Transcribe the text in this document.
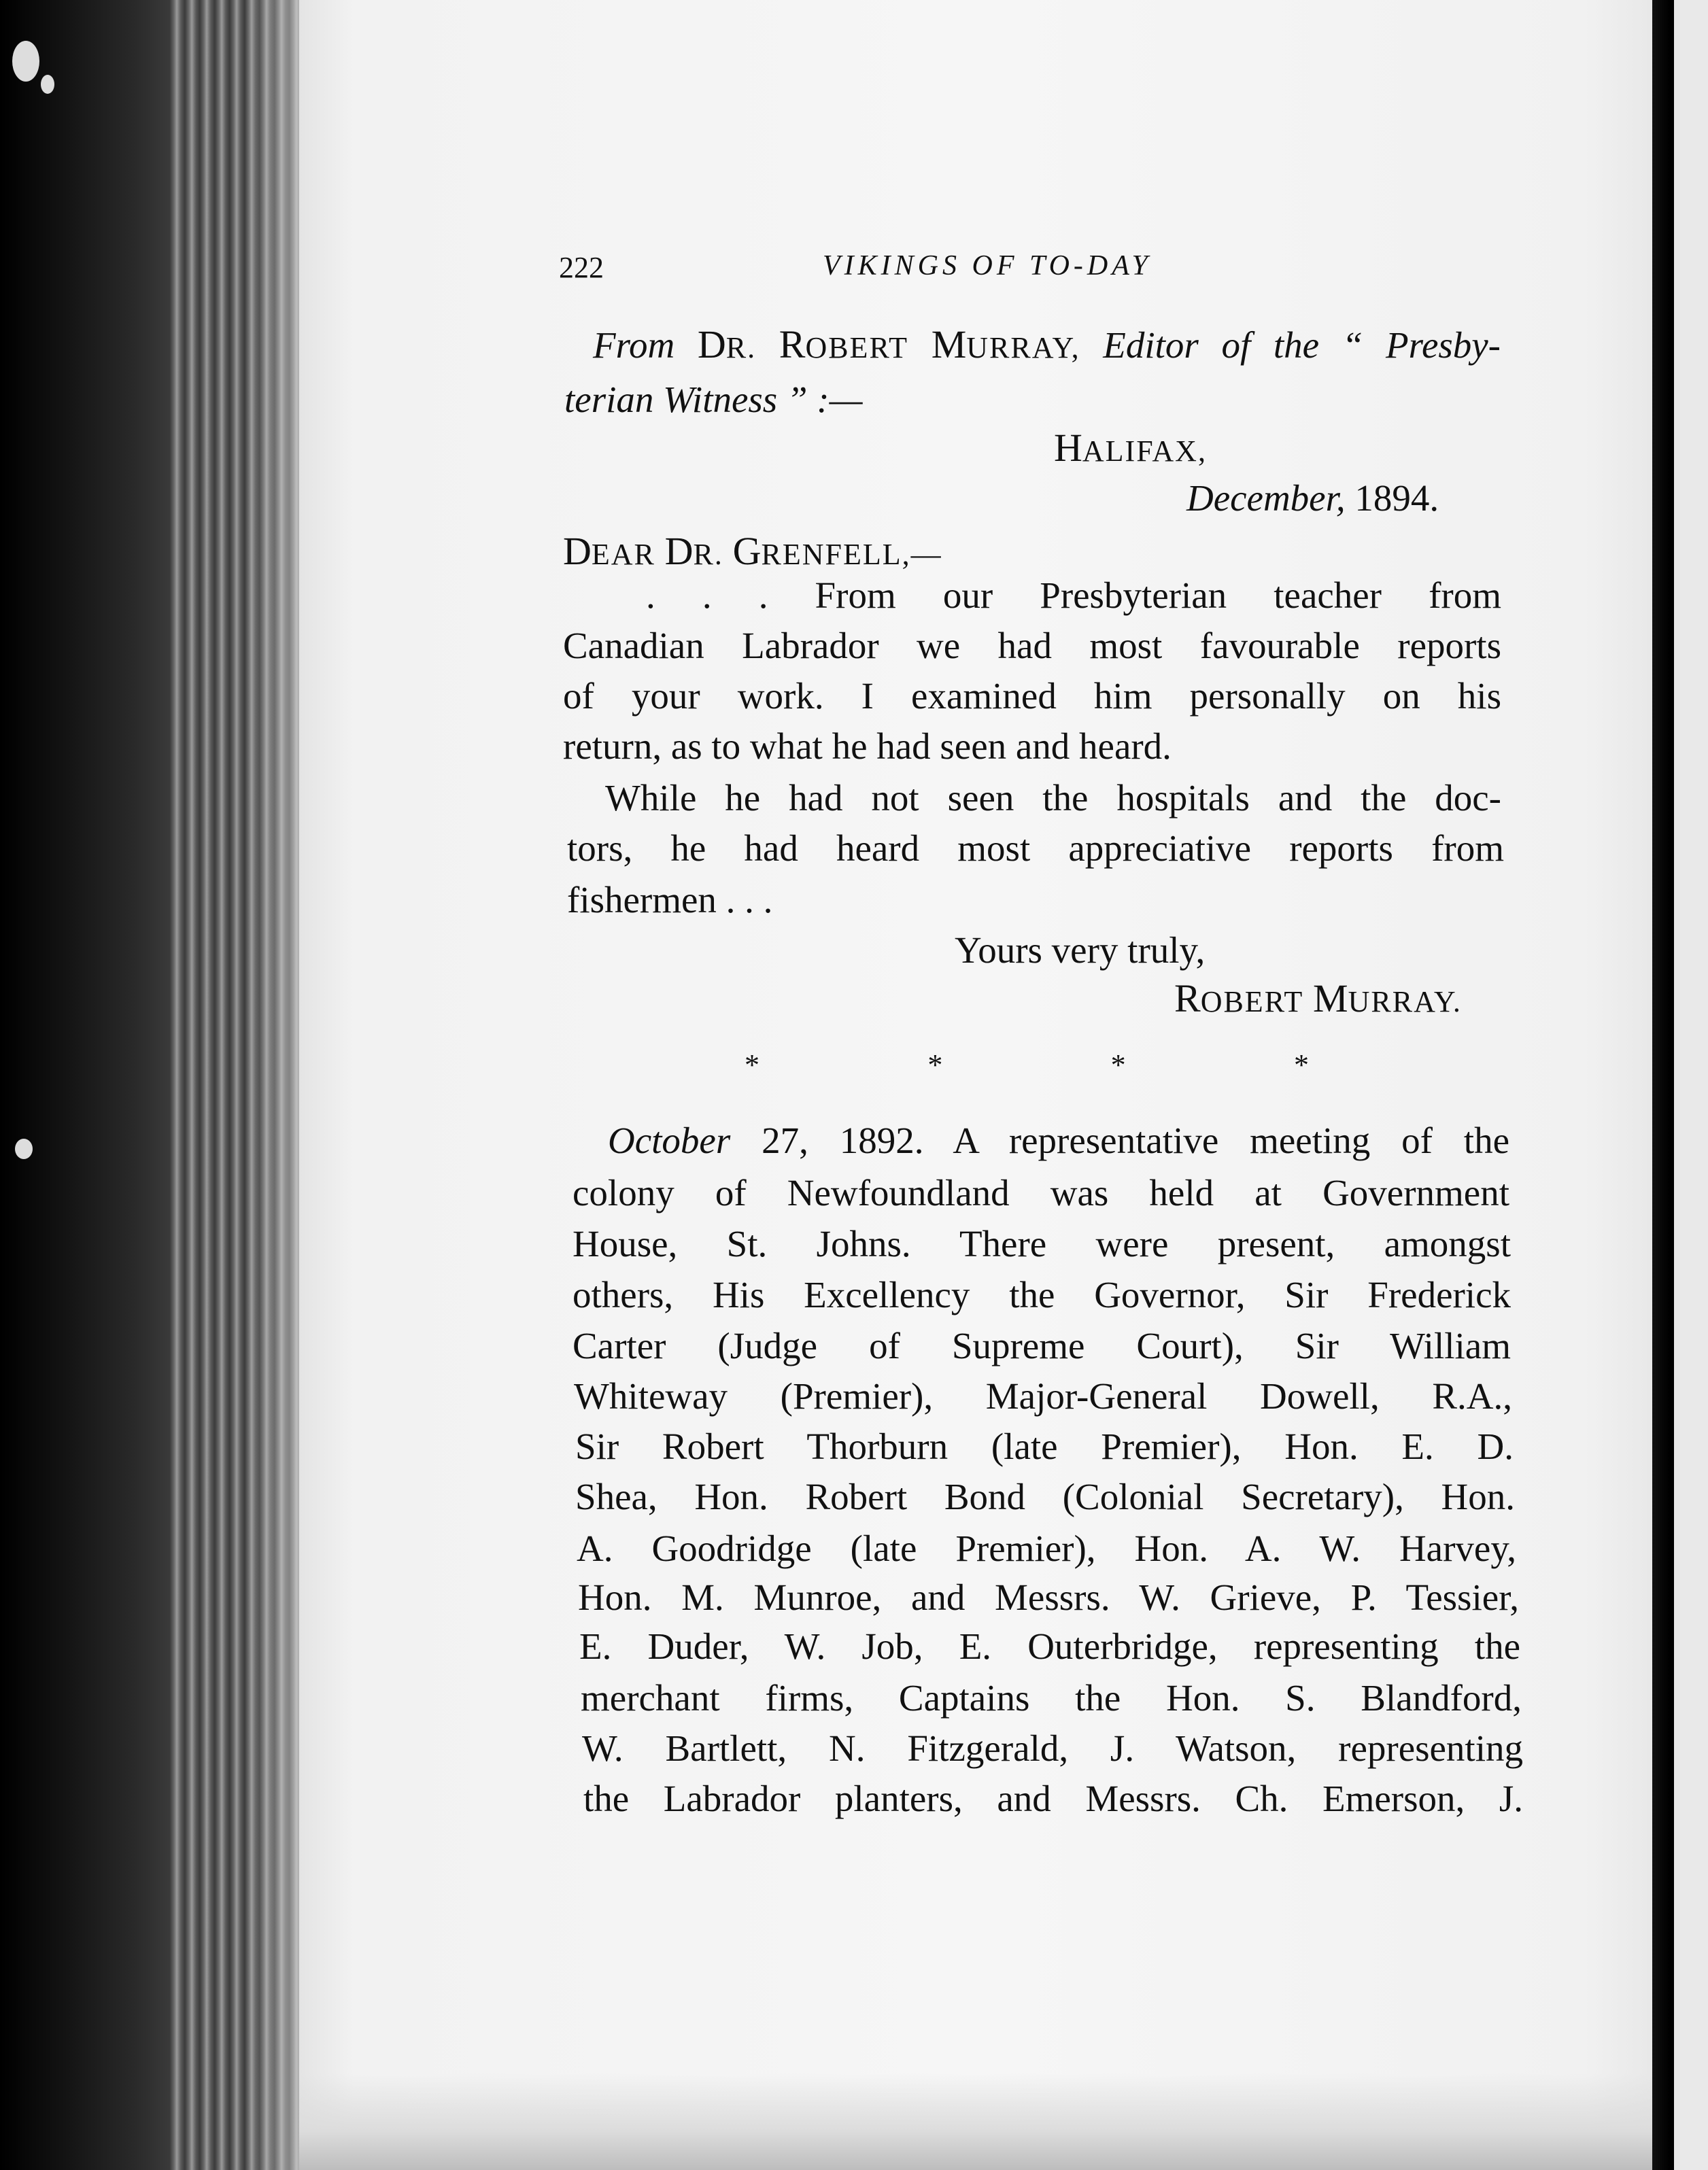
222	VIKINGS OF TO-DAY
From DR. ROBERT MURRAY, Editor of the “ Presby-
terian Witness ” :—
HALIFAX,
December, 1894.
DEAR DR. GRENFELL,—
. . . From our Presbyterian teacher from
Canadian Labrador we had most favourable reports
of your work. I examined him personally on his
return, as to what he had seen and heard.
While he had not seen the hospitals and the doc-
tors, he had heard most appreciative reports from
fishermen . . .
Yours very truly,
ROBERT MURRAY.
*	*	*	*
October 27, 1892. A representative meeting of the
colony of Newfoundland was held at Government
House, St. Johns. There were present, amongst
others, His Excellency the Governor, Sir Frederick
Carter (Judge of Supreme Court), Sir William
Whiteway (Premier), Major-General Dowell, R.A.,
Sir Robert Thorburn (late Premier), Hon. E. D.
Shea, Hon. Robert Bond (Colonial Secretary), Hon.
A. Goodridge (late Premier), Hon. A. W. Harvey,
Hon. M. Munroe, and Messrs. W. Grieve, P. Tessier,
E. Duder, W. Job, E. Outerbridge, representing the
merchant firms, Captains the Hon. S. Blandford,
W. Bartlett, N. Fitzgerald, J. Watson, representing
the Labrador planters, and Messrs. Ch. Emerson, J.
